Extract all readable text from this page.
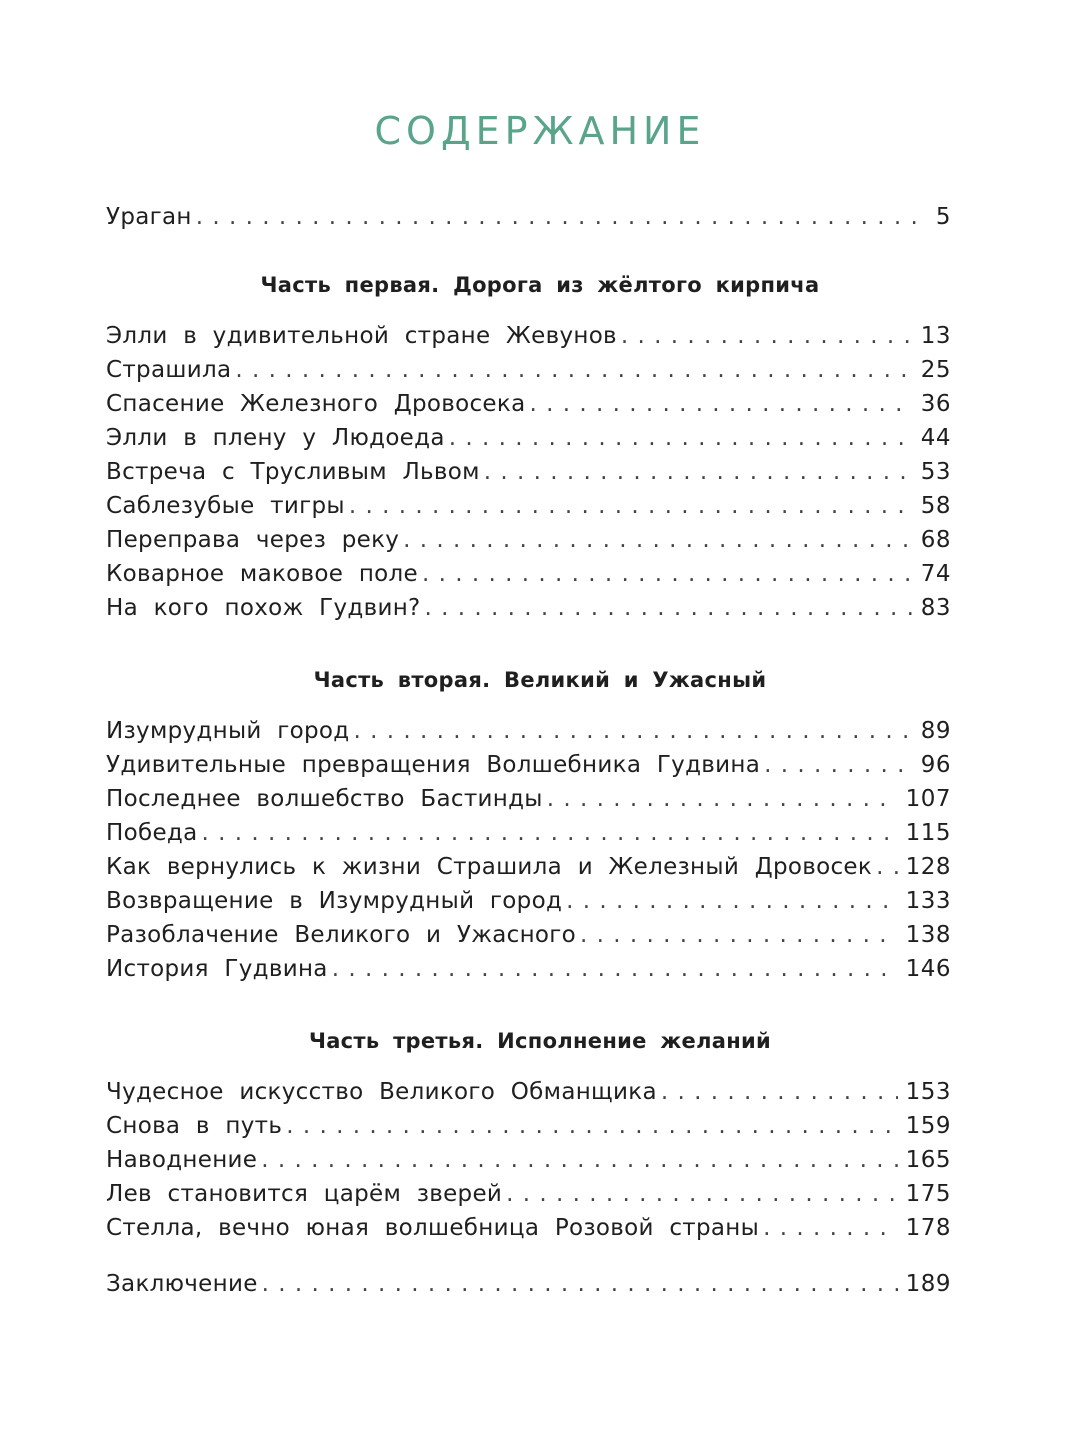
СОДЕРЖАНИЕ
Ураган . . .	5
Часть первая. Дорога из жёлтого кирпича
Элли в удивительной стране Жевунов . . .	13
Страшила . . .	25
Спасение Железного Дровосека . . .	36
Элли в плену у Людоеда . . .	44
Встреча с Трусливым Львом . . .	53
Саблезубые тигры . . .	58
Переправа через реку . . .	68
Коварное маковое поле . . .	74
На кого похож Гудвин? . . .	83
Часть вторая. Великий и Ужасный
Изумрудный город . . .	89
Удивительные превращения Волшебника Гудвина . . .	96
Последнее волшебство Бастинды . . .	107
Победа . . .	115
Как вернулись к жизни Страшила и Железный Дровосек . . . 128
Возвращение в Изумрудный город . . .	133
Разоблачение Великого и Ужасного . . .	138
История Гудвина . . .	146
Часть третья. Исполнение желаний
Чудесное искусство Великого Обманщика . . .	153
Снова в путь . . .	159
Наводнение . . .	165
Лев становится царём зверей . . .	175
Стелла, вечно юная волшебница Розовой страны . . .	178
Заключение . . .	189
